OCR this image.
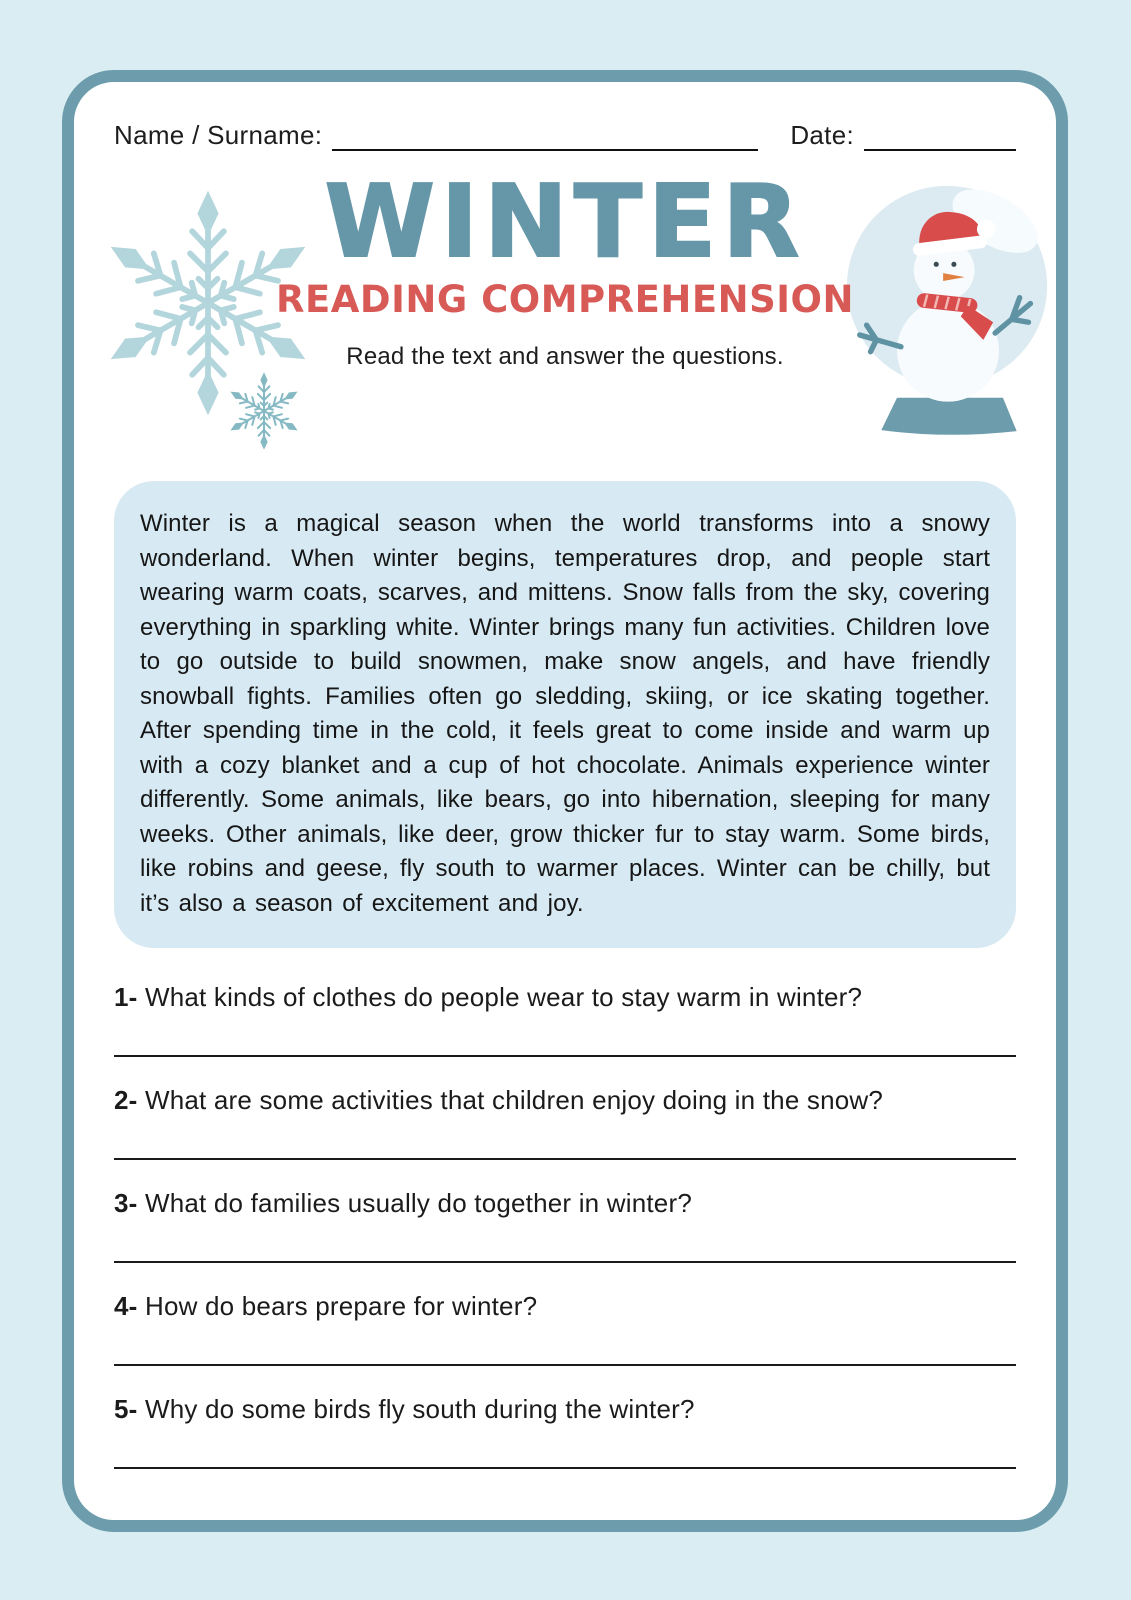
Name / Surname:	Date:
WINTER
READING COMPREHENSION
Read the text and answer the questions.
Winter is a magical season when the world transforms into a snowy wonderland. When winter begins, temperatures drop, and people start wearing warm coats, scarves, and mittens. Snow falls from the sky, covering everything in sparkling white. Winter brings many fun activities. Children love to go outside to build snowmen, make snow angels, and have friendly snowball fights. Families often go sledding, skiing, or ice skating together. After spending time in the cold, it feels great to come inside and warm up with a cozy blanket and a cup of hot chocolate. Animals experience winter differently. Some animals, like bears, go into hibernation, sleeping for many weeks. Other animals, like deer, grow thicker fur to stay warm. Some birds, like robins and geese, fly south to warmer places. Winter can be chilly, but it’s also a season of excitement and joy.

1- What kinds of clothes do people wear to stay warm in winter?

2- What are some activities that children enjoy doing in the snow?

3- What do families usually do together in winter?

4- How do bears prepare for winter?

5- Why do some birds fly south during the winter?
